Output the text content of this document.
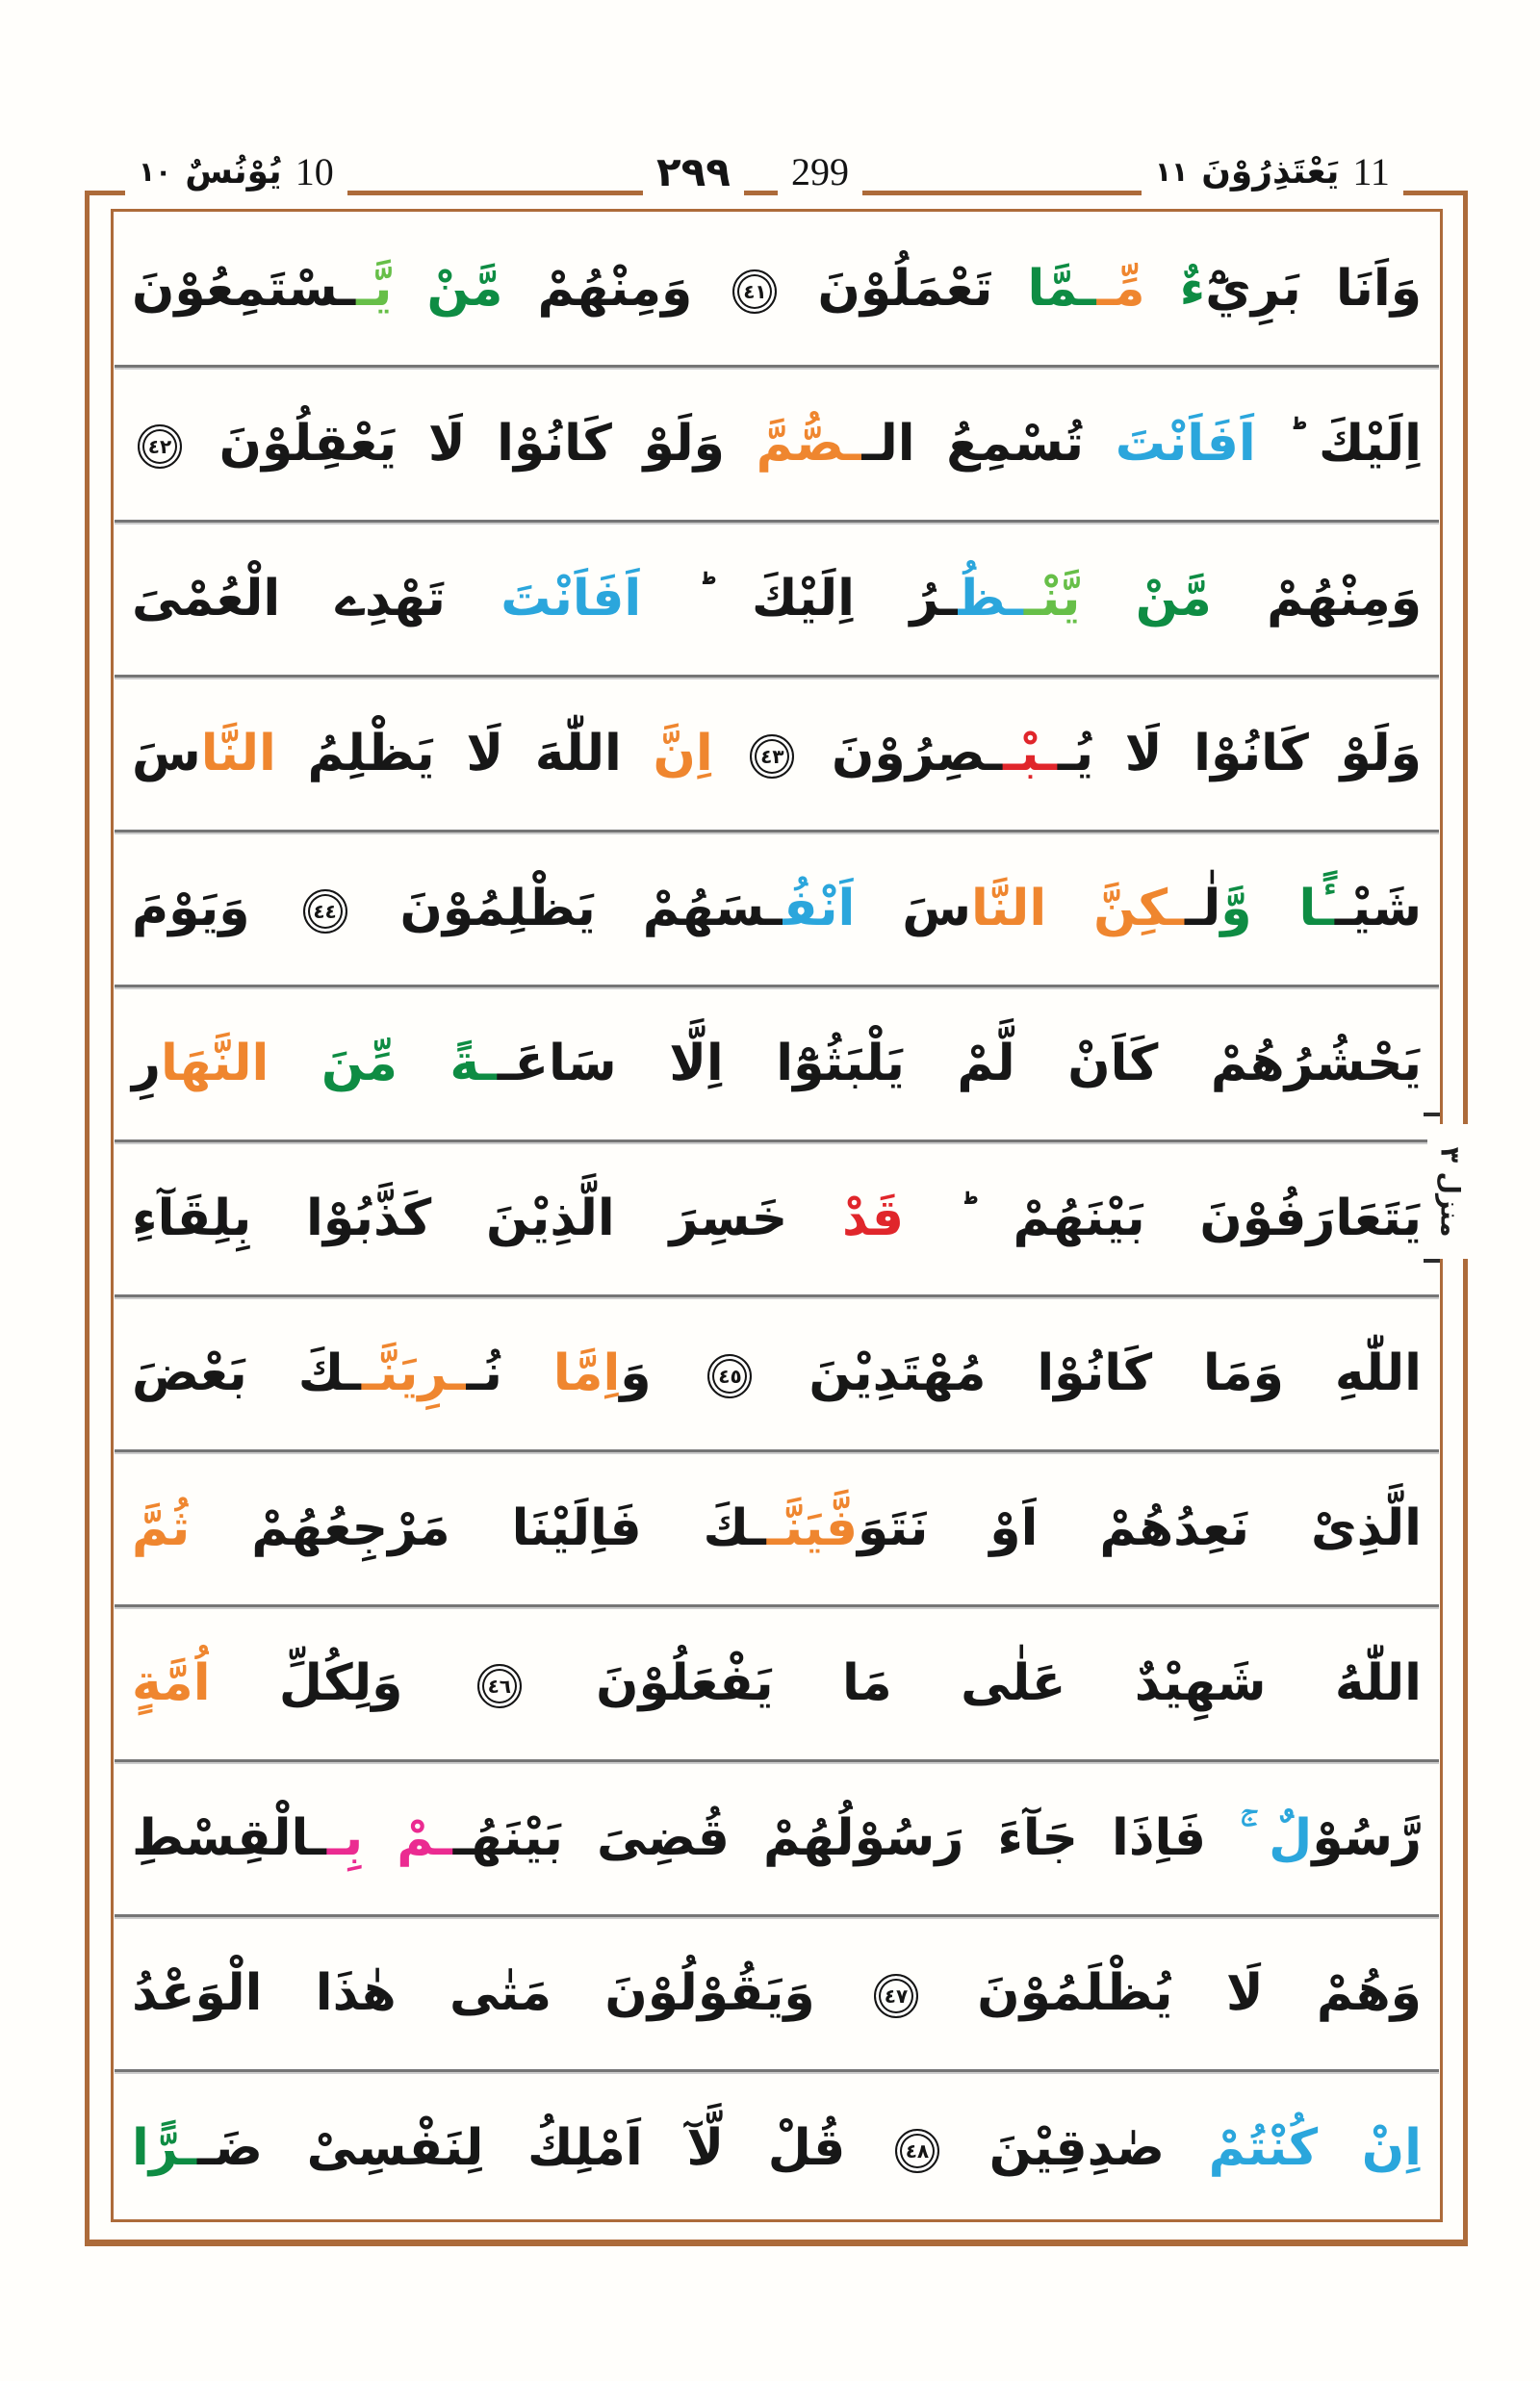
١٠ يُوْنُسٌ 10	٢٩٩ 299	١١ يَعْتَذِرُوْنَ 11
وَاَنَا بَرِيْٓءٌ مِّــمَّا تَعْمَلُوْنَ ٤١ وَمِنْهُمْ مَّنْ يَّــسْتَمِعُوْنَ
اِلَيْكَ ؕ اَفَاَنْتَ تُسْمِعُ الــصُّمَّ وَلَوْ كَانُوْا لَا يَعْقِلُوْنَ ٤٢
وَمِنْهُمْ مَّنْ يَّنْــظُـرُ اِلَيْكَ ؕ اَفَاَنْتَ تَهْدِے الْعُمْیَ
وَلَوْ كَانُوْا لَا يُــبْــصِرُوْنَ ٤٣ اِنَّ اللّٰهَ لَا يَظْلِمُ النَّاسَ
شَيْــًٔا وَّلٰــكِنَّ النَّاسَ اَنْفُـسَهُمْ يَظْلِمُوْنَ ٤٤ وَيَوْمَ
يَحْشُرُهُمْ كَاَنْ لَّمْ يَلْبَثُوْٓا اِلَّا سَاعَــةً مِّنَ النَّهَارِ
يَتَعَارَفُوْنَ بَيْنَهُمْ ؕ قَدْ خَسِرَ الَّذِيْنَ كَذَّبُوْا بِلِقَآءِ
اللّٰهِ وَمَا كَانُوْا مُهْتَدِيْنَ ٤٥ وَاِمَّا نُــرِيَنَّــكَ بَعْضَ
الَّذِیْ نَعِدُهُمْ اَوْ نَتَوَفَّيَنَّــكَ فَاِلَيْنَا مَرْجِعُهُمْ ثُمَّ
اللّٰهُ شَهِيْدٌ عَلٰى مَا يَفْعَلُوْنَ ٤٦ وَلِكُلِّ اُمَّةٍ
رَّسُوْلٌ ۚ فَاِذَا جَآءَ رَسُوْلُهُمْ قُضِیَ بَيْنَهُــمْ بِــالْقِسْطِ
وَهُمْ لَا يُظْلَمُوْنَ ٤٧ وَيَقُوْلُوْنَ مَتٰى هٰذَا الْوَعْدُ
اِنْ كُنْتُمْ صٰدِقِيْنَ ٤٨ قُلْ لَّآ اَمْلِكُ لِنَفْسِیْ ضَــرًّا
منزل ٣
